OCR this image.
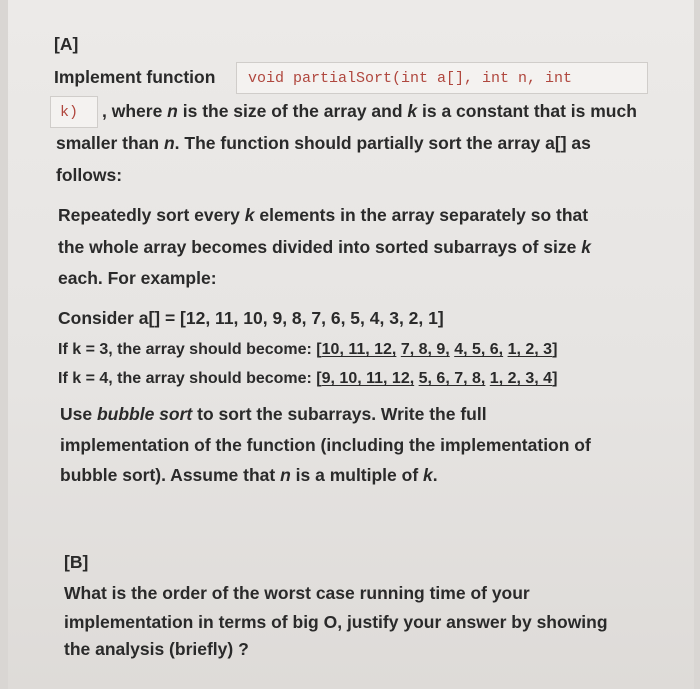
[A]
Implement function void partialSort(int a[], int n, int
k) , where n is the size of the array and k is a constant that is much
smaller than n. The function should partially sort the array a[] as
follows:
Repeatedly sort every k elements in the array separately so that
the whole array becomes divided into sorted subarrays of size k
each. For example:
Consider a[] = [12, 11, 10, 9, 8, 7, 6, 5, 4, 3, 2, 1]
If k = 3, the array should become: [10, 11, 12, 7, 8, 9, 4, 5, 6, 1, 2, 3]
If k = 4, the array should become: [9, 10, 11, 12, 5, 6, 7, 8, 1, 2, 3, 4]
Use bubble sort to sort the subarrays. Write the full
implementation of the function (including the implementation of
bubble sort). Assume that n is a multiple of k.
[B]
What is the order of the worst case running time of your
implementation in terms of big O, justify your answer by showing
the analysis (briefly) ?
